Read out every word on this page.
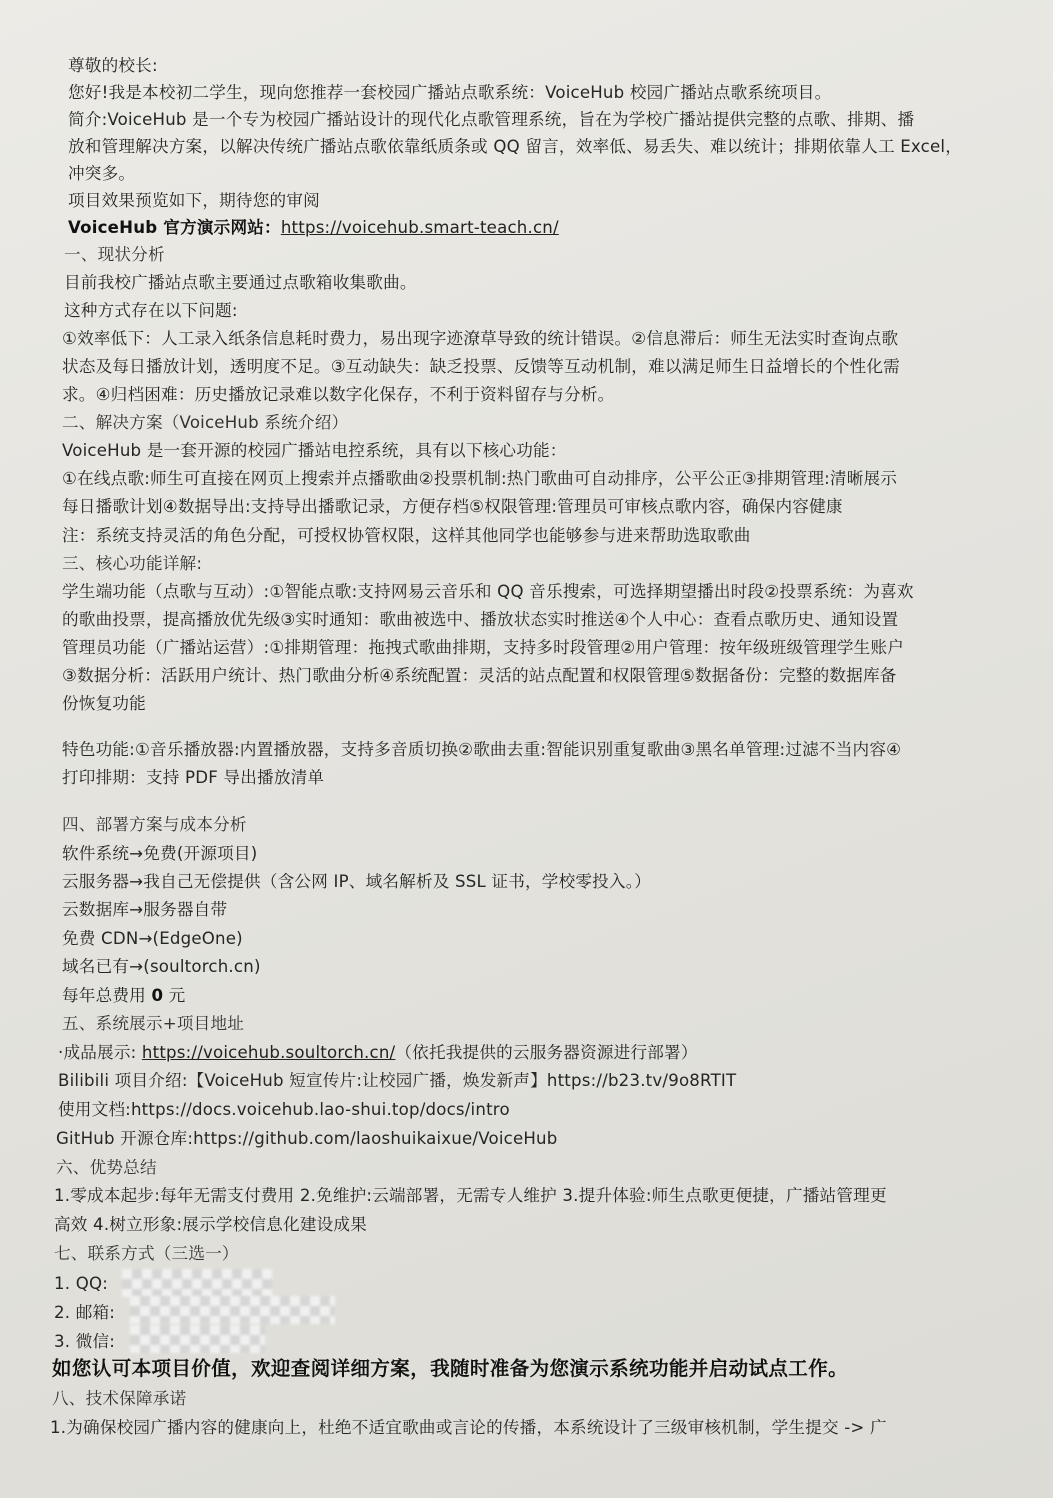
尊敬的校长:
您好!我是本校初二学生，现向您推荐一套校园广播站点歌系统：VoiceHub 校园广播站点歌系统项目。
简介:VoiceHub 是一个专为校园广播站设计的现代化点歌管理系统，旨在为学校广播站提供完整的点歌、排期、播
放和管理解决方案，以解决传统广播站点歌依靠纸质条或 QQ 留言，效率低、易丢失、难以统计；排期依靠人工 Excel，
冲突多。
项目效果预览如下，期待您的审阅
VoiceHub 官方演示网站：https://voicehub.smart-teach.cn/
一、现状分析
目前我校广播站点歌主要通过点歌箱收集歌曲。
这种方式存在以下问题:
①效率低下：人工录入纸条信息耗时费力，易出现字迹潦草导致的统计错误。②信息滞后：师生无法实时查询点歌
状态及每日播放计划，透明度不足。③互动缺失：缺乏投票、反馈等互动机制，难以满足师生日益增长的个性化需
求。④归档困难：历史播放记录难以数字化保存，不利于资料留存与分析。
二、解决方案（VoiceHub 系统介绍）
VoiceHub 是一套开源的校园广播站电控系统，具有以下核心功能：
①在线点歌:师生可直接在网页上搜索并点播歌曲②投票机制:热门歌曲可自动排序，公平公正③排期管理:清晰展示
每日播歌计划④数据导出:支持导出播歌记录，方便存档⑤权限管理:管理员可审核点歌内容，确保内容健康
注：系统支持灵活的角色分配，可授权协管权限，这样其他同学也能够参与进来帮助选取歌曲
三、核心功能详解:
学生端功能（点歌与互动）:①智能点歌:支持网易云音乐和 QQ 音乐搜索，可选择期望播出时段②投票系统：为喜欢
的歌曲投票，提高播放优先级③实时通知：歌曲被选中、播放状态实时推送④个人中心：查看点歌历史、通知设置
管理员功能（广播站运营）:①排期管理：拖拽式歌曲排期，支持多时段管理②用户管理：按年级班级管理学生账户
③数据分析：活跃用户统计、热门歌曲分析④系统配置：灵活的站点配置和权限管理⑤数据备份：完整的数据库备
份恢复功能
特色功能:①音乐播放器:内置播放器，支持多音质切换②歌曲去重:智能识别重复歌曲③黑名单管理:过滤不当内容④
打印排期：支持 PDF 导出播放清单
四、部署方案与成本分析
软件系统→免费(开源项目)
云服务器→我自己无偿提供（含公网 IP、域名解析及 SSL 证书，学校零投入。）
云数据库→服务器自带
免费 CDN→(EdgeOne)
域名已有→(soultorch.cn)
每年总费用 0 元
五、系统展示+项目地址
·成品展示: https://voicehub.soultorch.cn/（依托我提供的云服务器资源进行部署）
Bilibili 项目介绍:【VoiceHub 短宣传片:让校园广播，焕发新声】https://b23.tv/9o8RTIT
使用文档:https://docs.voicehub.lao-shui.top/docs/intro
GitHub 开源仓库:https://github.com/laoshuikaixue/VoiceHub
六、优势总结
1.零成本起步:每年无需支付费用 2.免维护:云端部署，无需专人维护 3.提升体验:师生点歌更便捷，广播站管理更
高效 4.树立形象:展示学校信息化建设成果
七、联系方式（三选一）
1. QQ:
2. 邮箱:
3. 微信:
如您认可本项目价值，欢迎查阅详细方案，我随时准备为您演示系统功能并启动试点工作。
八、技术保障承诺
1.为确保校园广播内容的健康向上，杜绝不适宜歌曲或言论的传播，本系统设计了三级审核机制，学生提交 -> 广
